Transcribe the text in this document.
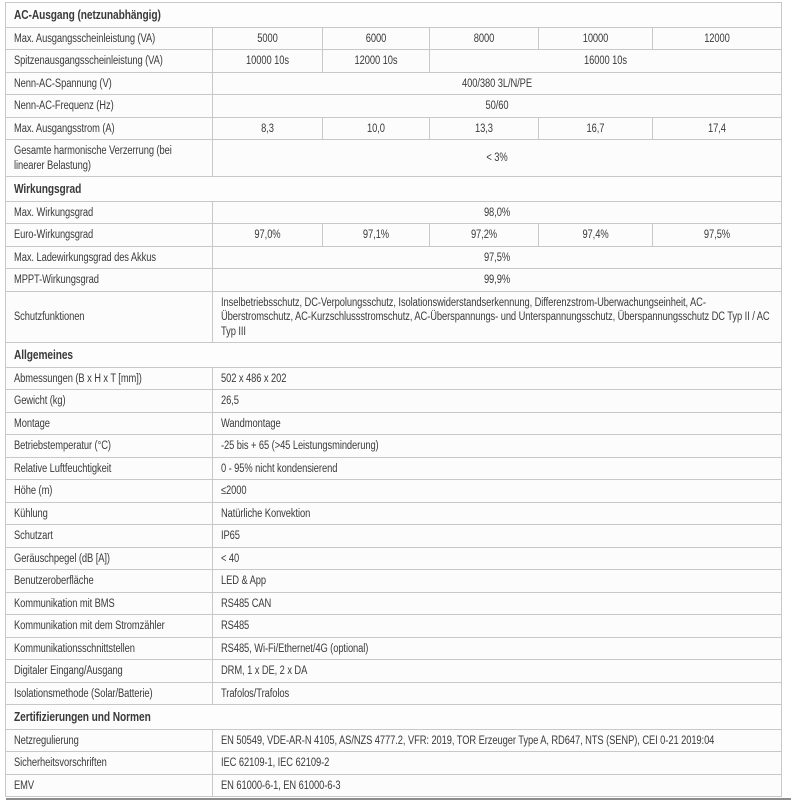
AC-Ausgang (netzunabhängig)					
Max. Ausgangsscheinleistung (VA)	5000	6000	8000	10000	12000
Spitzenausgangsscheinleistung (VA)	10000 10s	12000 10s	16000 10s		
Nenn-AC-Spannung (V)	400/380 3L/N/PE				
Nenn-AC-Frequenz (Hz)	50/60				
Max. Ausgangsstrom (A)	8,3	10,0	13,3	16,7	17,4
Gesamte harmonische Verzerrung (bei linearer Belastung)	< 3%				
Wirkungsgrad					
Max. Wirkungsgrad	98,0%				
Euro-Wirkungsgrad	97,0%	97,1%	97,2%	97,4%	97,5%
Max. Ladewirkungsgrad des Akkus	97,5%				
MPPT-Wirkungsgrad	99,9%				
Schutzfunktionen	Inselbetriebsschutz, DC-Verpolungsschutz, Isolationswiderstandserkennung, Differenzstrom-Überwachungseinheit, AC-Überstromschutz, AC-Kurzschlussstromschutz, AC-Überspannungs- und Unterspannungsschutz, Überspannungsschutz DC Typ II / AC Typ III				
Allgemeines					
Abmessungen (B x H x T [mm])	502 x 486 x 202				
Gewicht (kg)	26,5				
Montage	Wandmontage				
Betriebstemperatur (°C)	-25 bis + 65 (>45 Leistungsminderung)				
Relative Luftfeuchtigkeit	0 - 95% nicht kondensierend				
Höhe (m)	≤2000				
Kühlung	Natürliche Konvektion				
Schutzart	IP65				
Geräuschpegel (dB [A])	< 40				
Benutzeroberfläche	LED & App				
Kommunikation mit BMS	RS485 CAN				
Kommunikation mit dem Stromzähler	RS485				
Kommunikationsschnittstellen	RS485, Wi-Fi/Ethernet/4G (optional)				
Digitaler Eingang/Ausgang	DRM, 1 x DE, 2 x DA				
Isolationsmethode (Solar/Batterie)	Trafolos/Trafolos				
Zertifizierungen und Normen					
Netzregulierung	EN 50549, VDE-AR-N 4105, AS/NZS 4777.2, VFR: 2019, TOR Erzeuger Type A, RD647, NTS (SENP), CEI 0-21 2019:04				
Sicherheitsvorschriften	IEC 62109-1, IEC 62109-2				
EMV	EN 61000-6-1, EN 61000-6-3				
